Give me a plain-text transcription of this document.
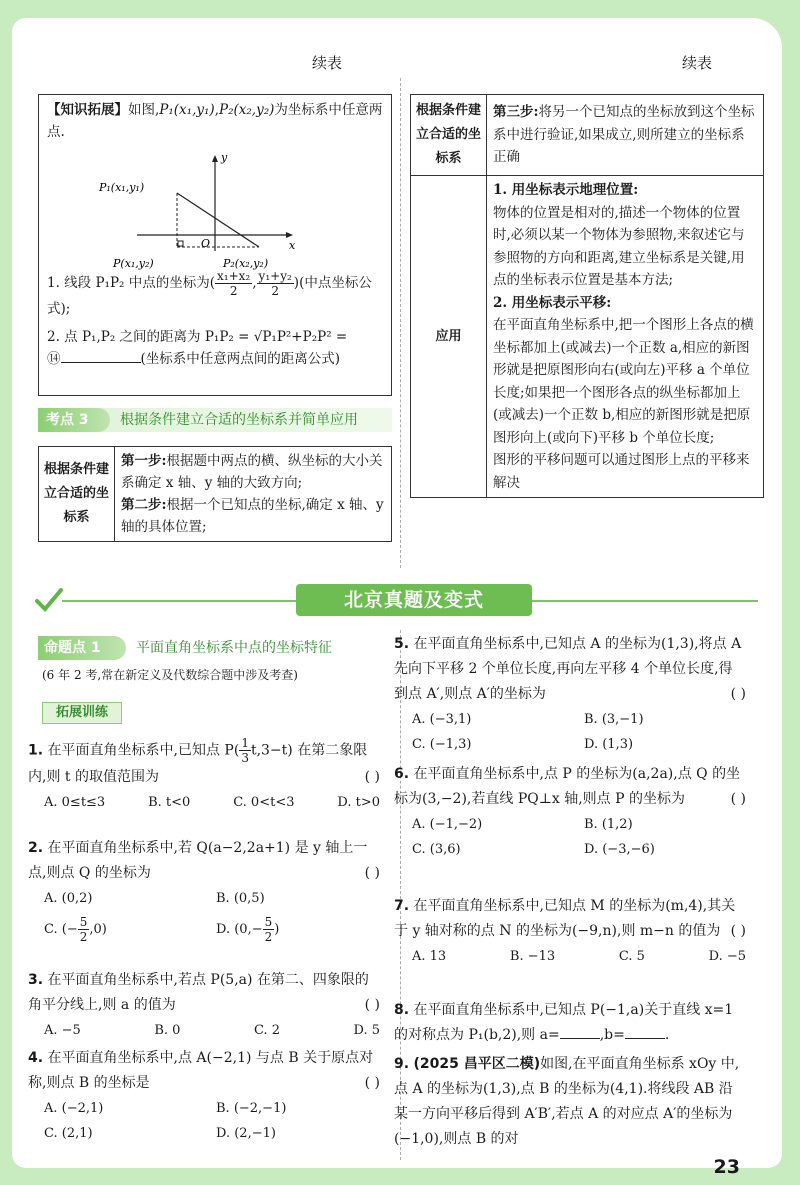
续表	续表
【知识拓展】如图,P₁(x₁,y₁),P₂(x₂,y₂)为坐标系中任意两点.
P₁(x₁,y₁)
P(x₁,y₂)	P₂(x₂,y₂)
O	x
y
1. 线段 P₁P₂ 中点的坐标为( $\frac{\text{x₁+x₂}}{2}$ , $\frac{\text{y₁+y₂}}{2}$ )(中点坐标公式);
2. 点 P₁,P₂ 之间的距离为 P₁P₂ = √P₁P²+P₂P² =
⑭	(坐标系中任意两点间的距离公式)
考点 3	根据条件建立合适的坐标系并简单应用
根据条件建立合适的坐标系	第一步:根据题中两点的横、纵坐标的大小关系确定 x 轴、y 轴的大致方向;
第二步:根据一个已知点的坐标,确定 x 轴、y 轴的具体位置;
根据条件建立合适的坐标系	第三步:将另一个已知点的坐标放到这个坐标系中进行验证,如果成立,则所建立的坐标系正确
应用	1. 用坐标表示地理位置:
物体的位置是相对的,描述一个物体的位置时,必须以某一个物体为参照物,来叙述它与参照物的方向和距离,建立坐标系是关键,用点的坐标表示位置是基本方法;
2. 用坐标表示平移:
在平面直角坐标系中,把一个图形上各点的横坐标都加上(或减去)一个正数 a,相应的新图形就是把原图形向右(或向左)平移 a 个单位长度;如果把一个图形各点的纵坐标都加上(或减去)一个正数 b,相应的新图形就是把原图形向上(或向下)平移 b 个单位长度;
图形的平移问题可以通过图形上点的平移来解决
北京真题及变式
命题点 1	平面直角坐标系中点的坐标特征
(6 年 2 考,常在新定义及代数综合题中涉及考查)
拓展训练
1. 在平面直角坐标系中,已知点 $P( \frac{1}{3} t,3-t)$ 在第二象限内,则 t 的取值范围为	( )
A. 0≤t≤3	B. t<0	C. 0<t<3	D. t>0
2. 在平面直角坐标系中,若 Q(a−2,2a+1) 是 y 轴上一点,则点 Q 的坐标为	( )
A. (0,2)	B. (0,5)
C. (− $\frac{5}{2} ,0$)	D. ($0,- \frac{5}{2}$ )
3. 在平面直角坐标系中,若点 P(5,a) 在第二、四象限的角平分线上,则 a 的值为	( )
A. −5	B. 0	C. 2	D. 5
4. 在平面直角坐标系中,点 A(−2,1) 与点 B 关于原点对称,则点 B 的坐标是	( )
A. (−2,1)	B. (−2,−1)
C. (2,1)	D. (2,−1)
5. 在平面直角坐标系中,已知点 A 的坐标为(1,3),将点 A 先向下平移 2 个单位长度,再向左平移 4 个单位长度,得到点 A′,则点 A′的坐标为	( )
A. (−3,1)	B. (3,−1)
C. (−1,3)	D. (1,3)
6. 在平面直角坐标系中,点 P 的坐标为(a,2a),点 Q 的坐标为(3,−2),若直线 PQ⊥x 轴,则点 P 的坐标为	( )
A. (−1,−2)	B. (1,2)
C. (3,6)	D. (−3,−6)
7. 在平面直角坐标系中,已知点 M 的坐标为(m,4),其关于 y 轴对称的点 N 的坐标为(−9,n),则 m−n 的值为 ( )
A. 13	B. −13	C. 5	D. −5
8. 在平面直角坐标系中,已知点 P(−1,a)关于直线 x=1 的对称点为 P₁(b,2),则 a=	,b=	.
9. (2025 昌平区二模)如图,在平面直角坐标系 xOy 中,点 A 的坐标为(1,3),点 B 的坐标为(4,1).将线段 AB 沿某一方向平移后得到 A′B′,若点 A 的对应点 A′的坐标为(−1,0),则点 B 的对
23
